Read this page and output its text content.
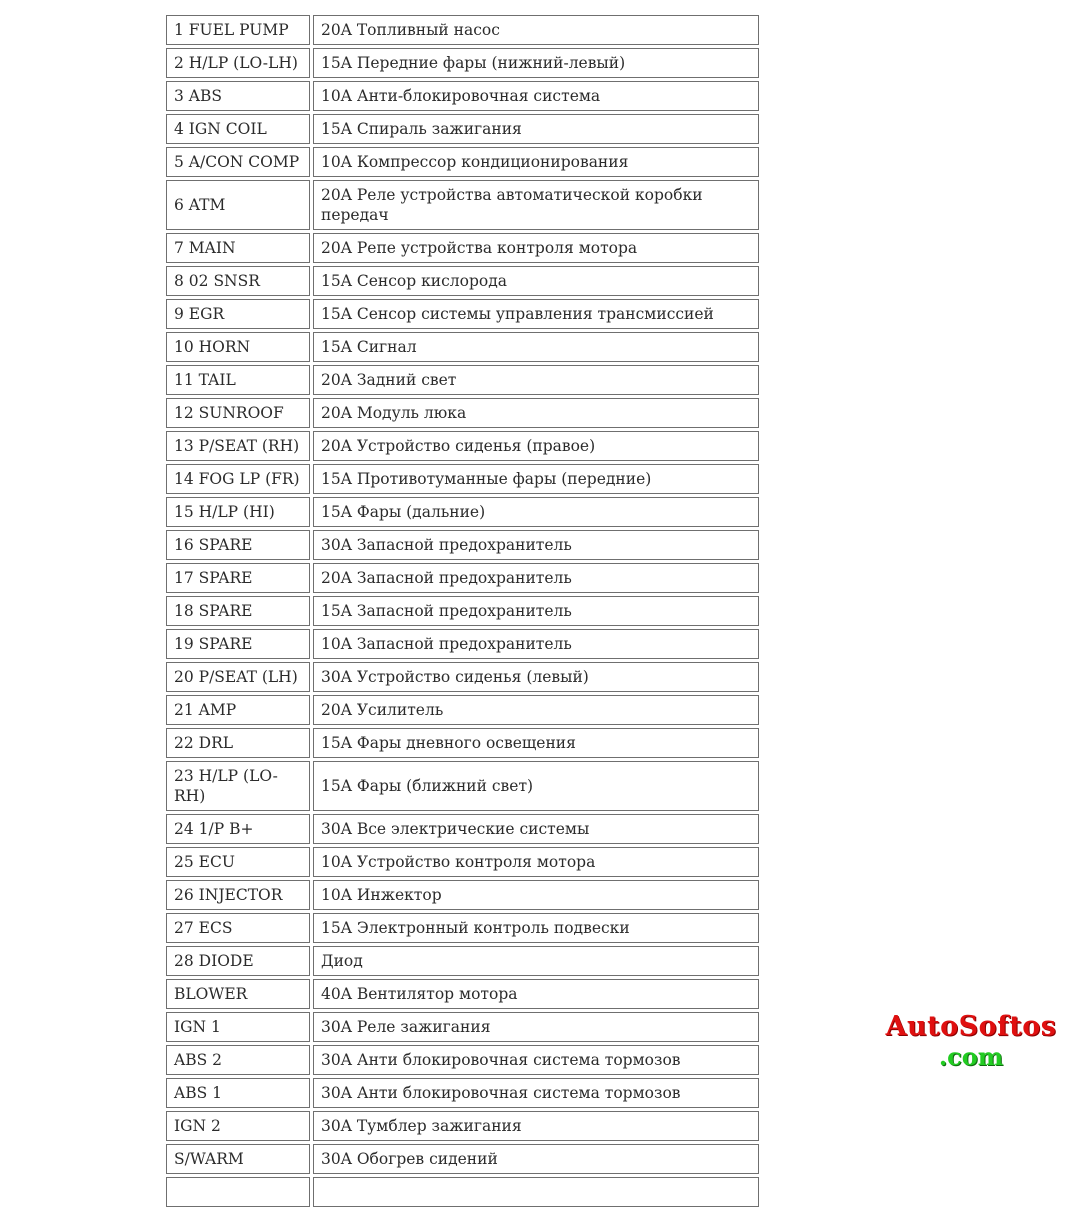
1 FUEL PUMP	20A Топливный насос
2 H/LP (LO-LH)	15A Передние фары (нижний-левый)
3 ABS	10A Анти-блокировочная система
4 IGN COIL	15A Спираль зажигания
5 A/CON COMP	10A Компрессор кондиционирования
6 ATM	20A Реле устройства автоматической коробки передач
7 MAIN	20A Репе устройства контроля мотора
8 02 SNSR	15A Сенсор кислорода
9 EGR	15A Сенсор системы управления трансмиссией
10 HORN	15A Сигнал
11 TAIL	20A Задний свет
12 SUNROOF	20A Модуль люка
13 P/SEAT (RH)	20A Устройство сиденья (правое)
14 FOG LP (FR)	15A Противотуманные фары (передние)
15 H/LP (HI)	15A Фары (дальние)
16 SPARE	30A Запасной предохранитель
17 SPARE	20A Запасной предохранитель
18 SPARE	15A Запасной предохранитель
19 SPARE	10A Запасной предохранитель
20 P/SEAT (LH)	30A Устройство сиденья (левый)
21 AMP	20A Усилитель
22 DRL	15A Фары дневного освещения
23 H/LP (LO-RH)	15A Фары (ближний свет)
24 1/P B+	30A Все электрические системы
25 ECU	10A Устройство контроля мотора
26 INJECTOR	10A Инжектор
27 ECS	15A Электронный контроль подвески
28 DIODE	Диод
BLOWER	40A Вентилятор мотора
IGN 1	30A Реле зажигания
ABS 2	30A Анти блокировочная система тормозов
ABS 1	30A Анти блокировочная система тормозов
IGN 2	30A Тумблер зажигания
S/WARM	30A Обогрев сидений

AutoSoftos
.com
